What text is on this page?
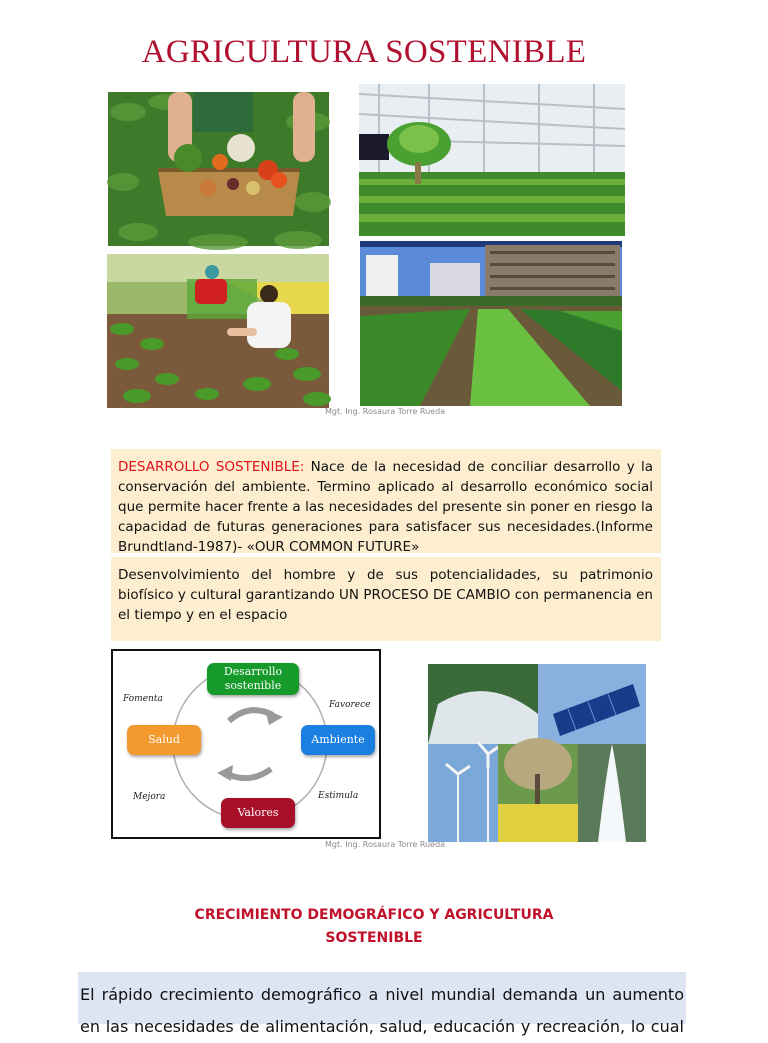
AGRICULTURA SOSTENIBLE
Mgt. Ing. Rosaura Torre Rueda
DESARROLLO SOSTENIBLE: Nace de la necesidad de conciliar desarrollo y la conservación del ambiente. Termino aplicado al desarrollo económico social que permite hacer frente a las necesidades del presente sin poner en riesgo la capacidad de futuras generaciones para satisfacer sus necesidades.(Informe Brundtland-1987)- «OUR COMMON FUTURE»
Desenvolvimiento del hombre y de sus potencialidades, su patrimonio biofísico y cultural garantizando UN PROCESO DE CAMBIO con permanencia en el tiempo y en el espacio
Desarrollo sostenible
Ambiente
Valores
Salud
Fomenta
Favorece
Estimula
Mejora
Mgt. Ing. Rosaura Torre Rueda
CRECIMIENTO DEMOGRÁFICO Y AGRICULTURA
SOSTENIBLE
El rápido crecimiento demográfico a nivel mundial demanda un aumento en las necesidades de alimentación, salud, educación y recreación, lo cual
